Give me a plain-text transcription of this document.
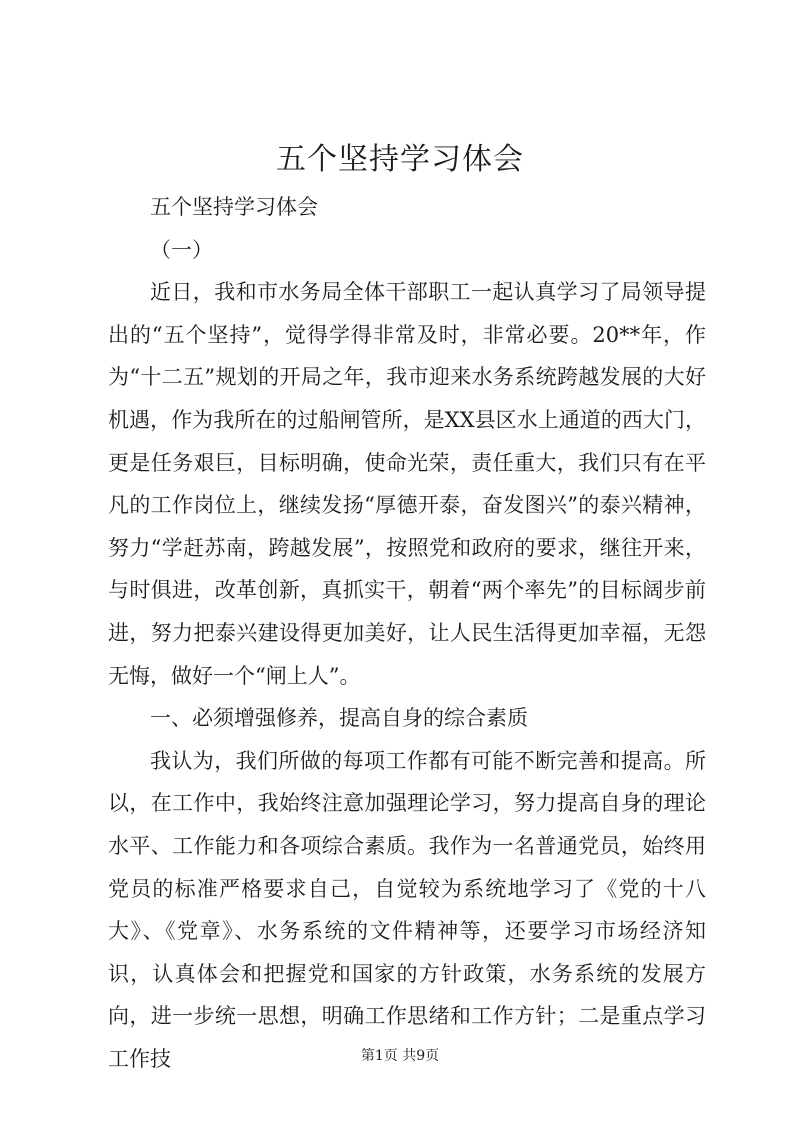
五个坚持学习体会

五个坚持学习体会

（一）

近日，我和市水务局全体干部职工一起认真学习了局领导提出的“五个坚持”，觉得学得非常及时，非常必要。20**年，作为“十二五”规划的开局之年，我市迎来水务系统跨越发展的大好机遇，作为我所在的过船闸管所，是XX县区水上通道的西大门，更是任务艰巨，目标明确，使命光荣，责任重大，我们只有在平凡的工作岗位上，继续发扬“厚德开泰，奋发图兴”的泰兴精神，努力“学赶苏南，跨越发展”，按照党和政府的要求，继往开来，与时俱进，改革创新，真抓实干，朝着“两个率先”的目标阔步前进，努力把泰兴建设得更加美好，让人民生活得更加幸福，无怨无悔，做好一个“闸上人”。

一、必须增强修养，提高自身的综合素质

我认为，我们所做的每项工作都有可能不断完善和提高。所以，在工作中，我始终注意加强理论学习，努力提高自身的理论水平、工作能力和各项综合素质。我作为一名普通党员，始终用党员的标准严格要求自己，自觉较为系统地学习了《党的十八大》、《党章》、水务系统的文件精神等，还要学习市场经济知识，认真体会和把握党和国家的方针政策，水务系统的发展方向，进一步统一思想，明确工作思绪和工作方针；二是重点学习工作技	第1页 共9页
